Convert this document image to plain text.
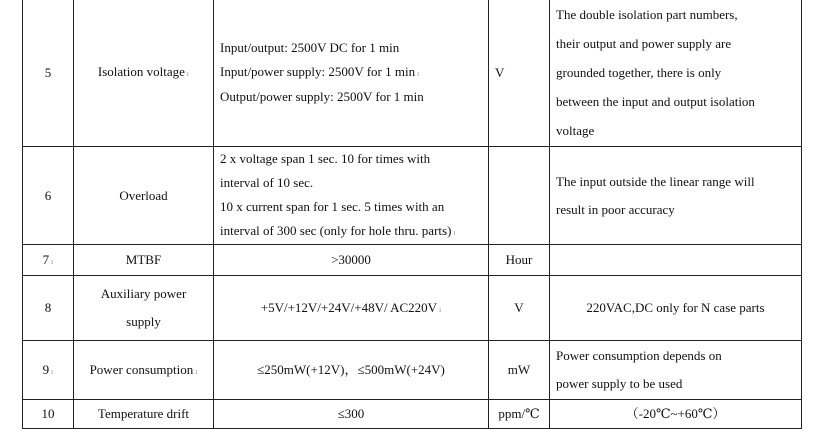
5	Isolation voltage ₗ	Input/output: 2500V DC for 1 min
Input/power supply: 2500V for 1 min ₗ
Output/power supply: 2500V for 1 min	V	The double isolation part numbers,
their output and power supply are
grounded together, there is only
between the input and output isolation
voltage

6	Overload	2 x voltage span 1 sec. 10 for times with
interval of 10 sec.
10 x current span for 1 sec. 5 times with an
interval of 300 sec (only for hole thru. parts) ₗ		The input outside the linear range will
result in poor accuracy

7 ₗ	MTBF	>30000	Hour	
8	Auxiliary power
supply	+5V/+12V/+24V/+48V/ AC220V ₗ	V	220VAC,DC only for N case parts
9 ₗ	Power consumption ₗ	≤250mW(+12V)，≤500mW(+24V)	mW	Power consumption depends on
power supply to be used

10	Temperature drift	≤300	ppm/℃	（-20℃~+60℃）
